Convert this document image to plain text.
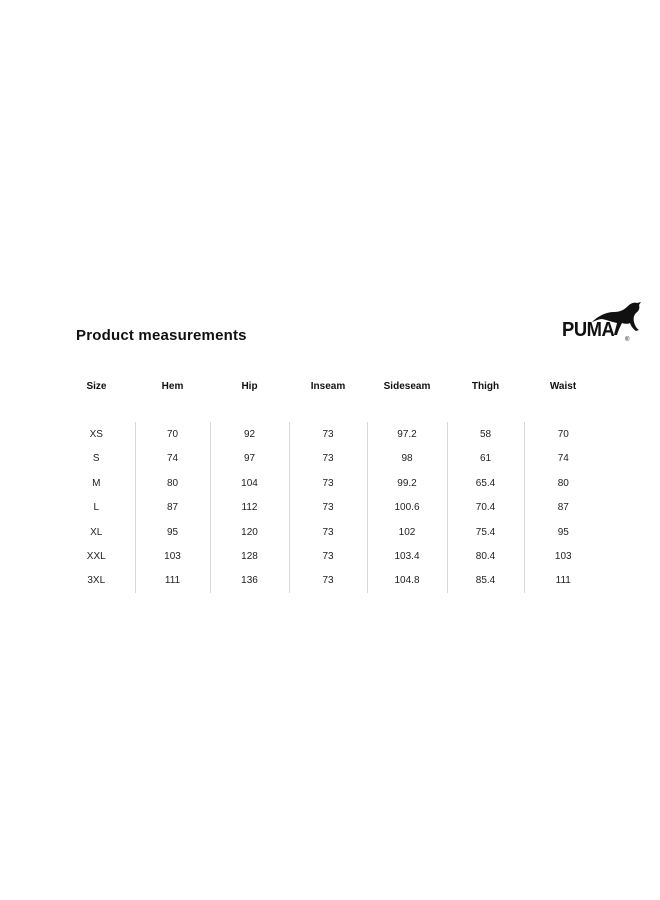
Product measurements	PUMA ®
Size	Hem	Hip	Inseam	Sideseam	Thigh	Waist

XS	70	92	73	97.2	58	70
S	74	97	73	98	61	74
M	80	104	73	99.2	65.4	80
L	87	112	73	100.6	70.4	87
XL	95	120	73	102	75.4	95
XXL	103	128	73	103.4	80.4	103
3XL	111	136	73	104.8	85.4	111
